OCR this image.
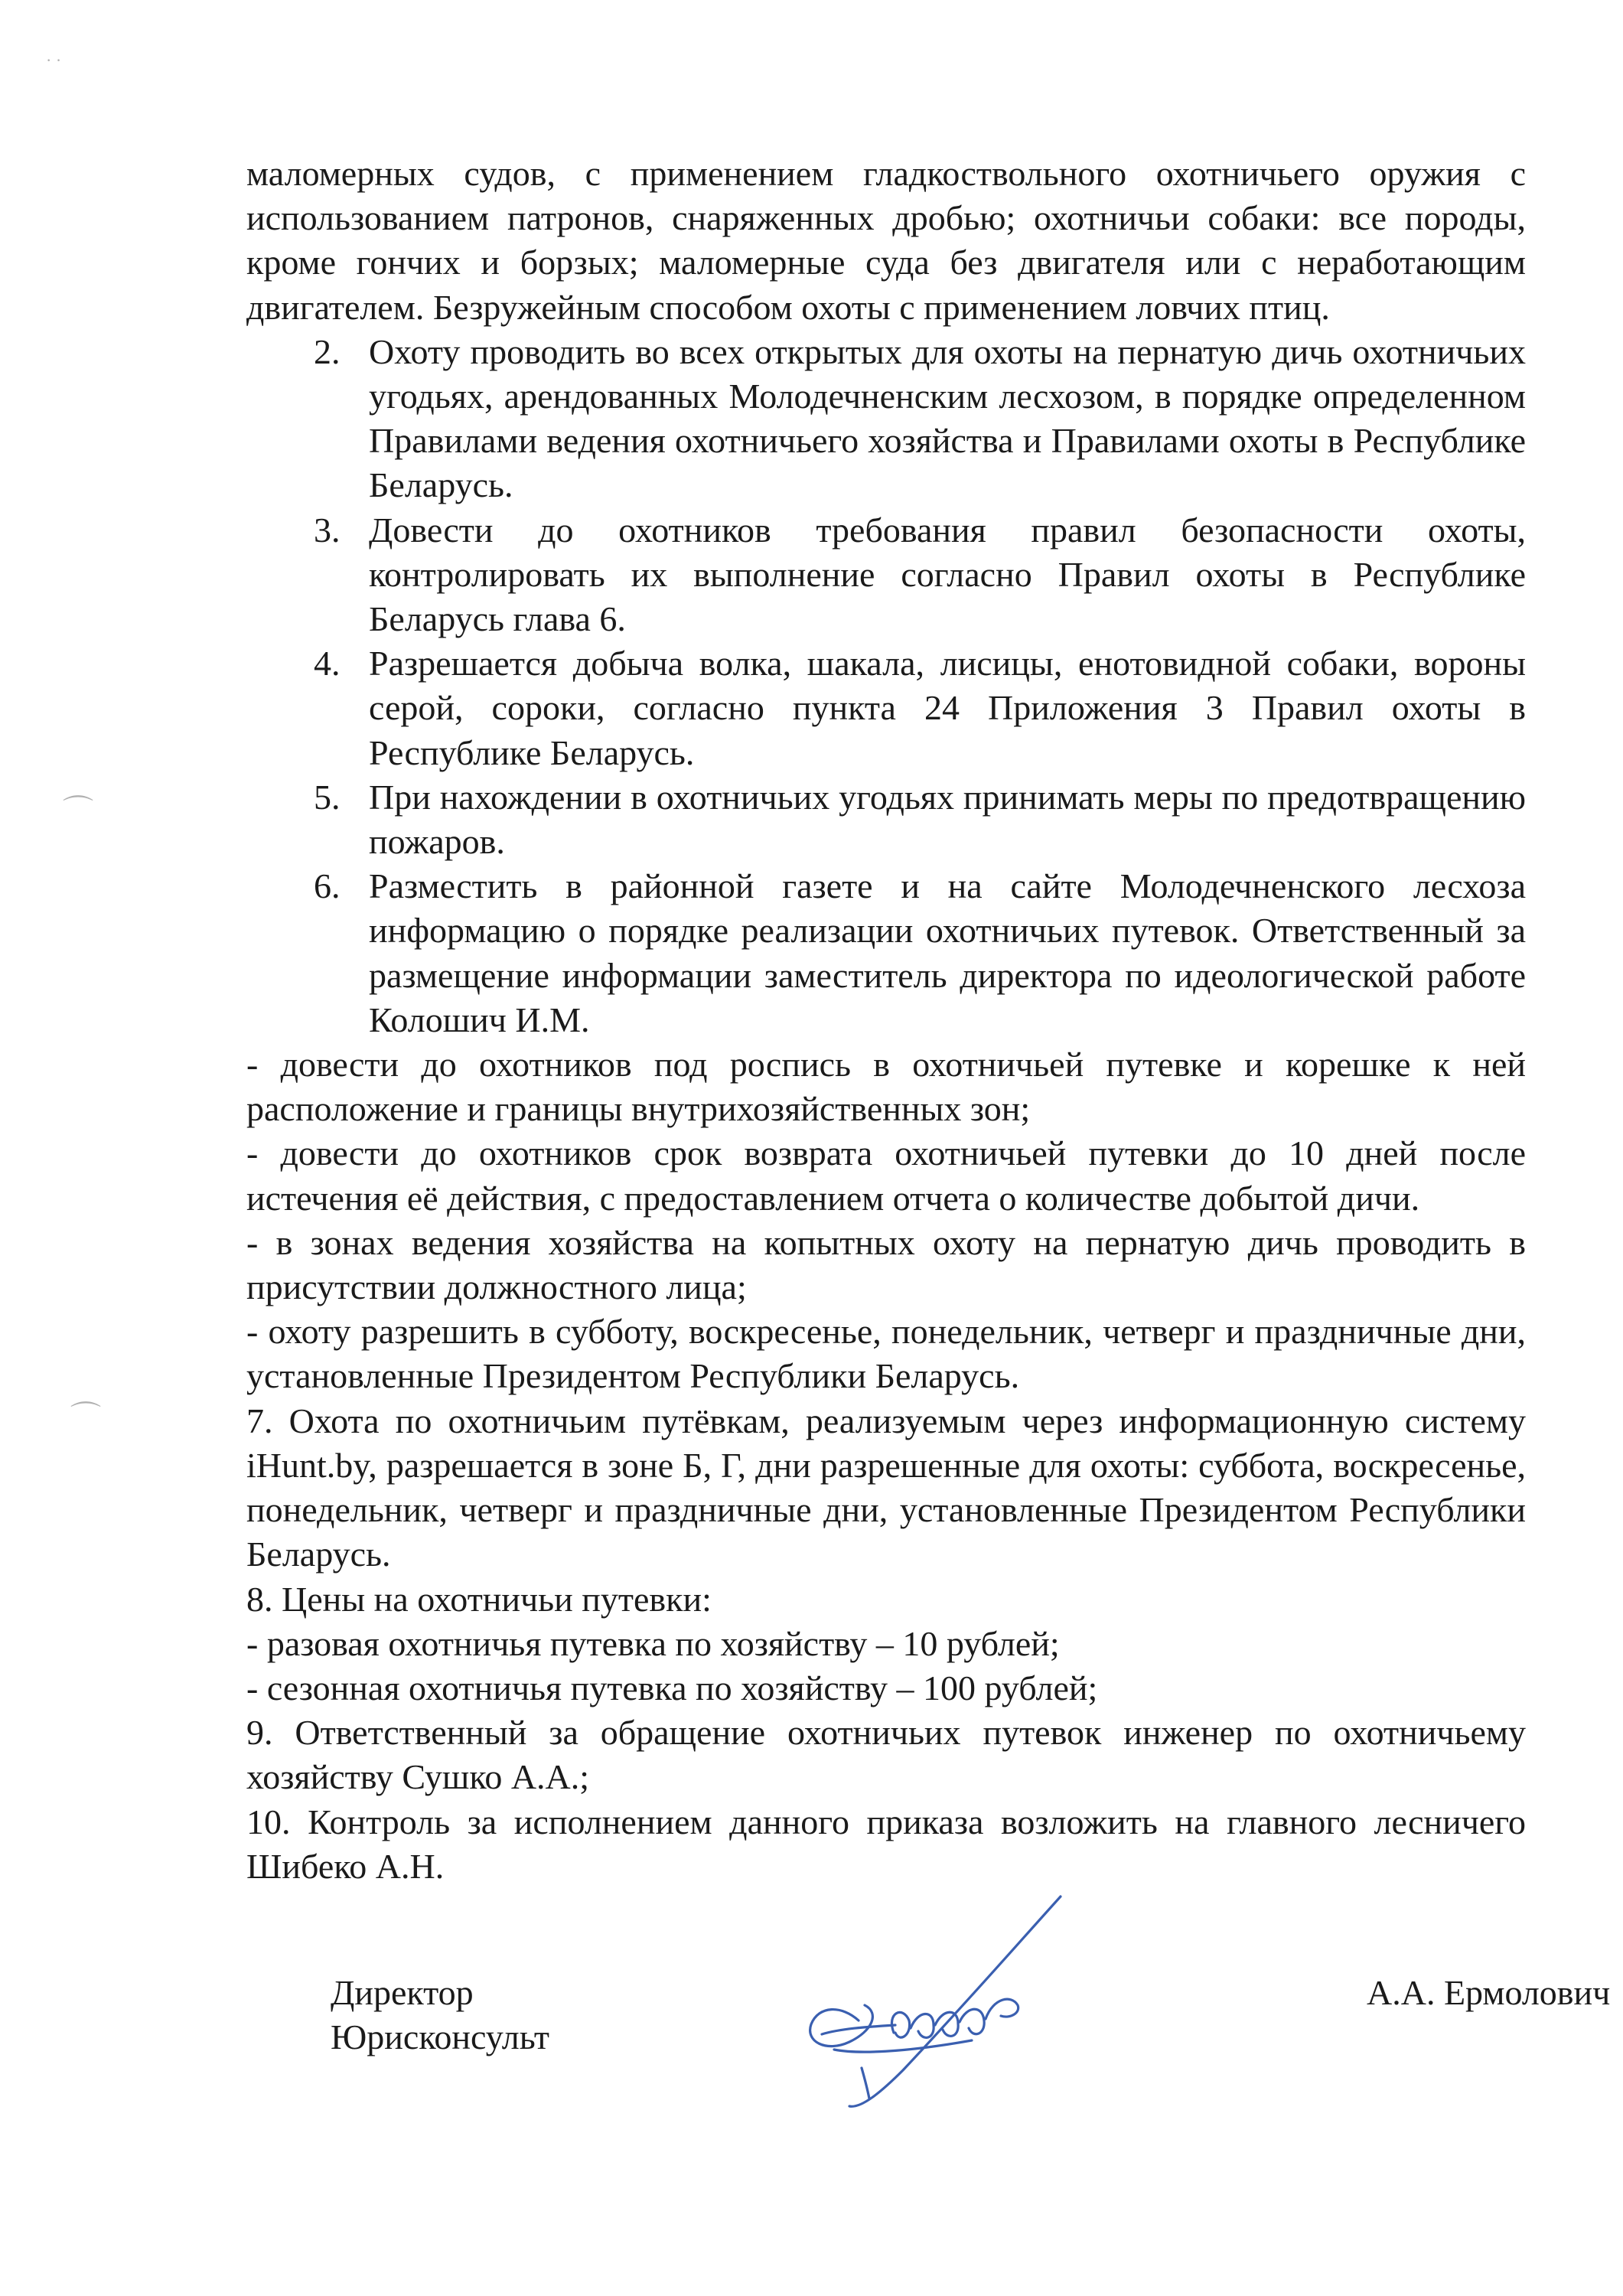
· ·
⌒
⌒

маломерных судов, с применением гладкоствольного охотничьего оружия с использованием патронов, снаряженных дробью; охотничьи собаки: все породы, кроме гончих и борзых; маломерные суда без двигателя или с неработающим двигателем. Безружейным способом охоты с применением ловчих птиц.

2. Охоту проводить во всех открытых для охоты на пернатую дичь охотничьих угодьях, арендованных Молодечненским лесхозом, в порядке определенном Правилами ведения охотничьего хозяйства и Правилами охоты в Республике Беларусь.

3. Довести до охотников требования правил безопасности охоты, контролировать их выполнение согласно Правил охоты в Республике Беларусь глава 6.

4. Разрешается добыча волка, шакала, лисицы, енотовидной собаки, вороны серой, сороки, согласно пункта 24 Приложения 3 Правил охоты в Республике Беларусь.

5. При нахождении в охотничьих угодьях принимать меры по предотвращению пожаров.

6. Разместить в районной газете и на сайте Молодечненского лесхоза информацию о порядке реализации охотничьих путевок. Ответственный за размещение информации заместитель директора по идеологической работе Колошич И.М.

- довести до охотников под роспись в охотничьей путевке и корешке к ней расположение и границы внутрихозяйственных зон;

- довести до охотников срок возврата охотничьей путевки до 10 дней после истечения её действия, с предоставлением отчета о количестве добытой дичи.

- в зонах ведения хозяйства на копытных охоту на пернатую дичь проводить в присутствии должностного лица;

- охоту разрешить в субботу, воскресенье, понедельник, четверг и праздничные дни, установленные Президентом Республики Беларусь.

7. Охота по охотничьим путёвкам, реализуемым через информационную систему iHunt.by, разрешается в зоне Б, Г, дни разрешенные для охоты: суббота, воскресенье, понедельник, четверг и праздничные дни, установленные Президентом Республики Беларусь.

8. Цены на охотничьи путевки:

- разовая охотничья путевка по хозяйству – 10 рублей;

- сезонная охотничья путевка по хозяйству – 100 рублей;

9. Ответственный за обращение охотничьих путевок инженер по охотничьему хозяйству Сушко А.А.;

10. Контроль за исполнением данного приказа возложить на главного лесничего Шибеко А.Н.

Директор
Юрисконсульт
А.А. Ермолович
